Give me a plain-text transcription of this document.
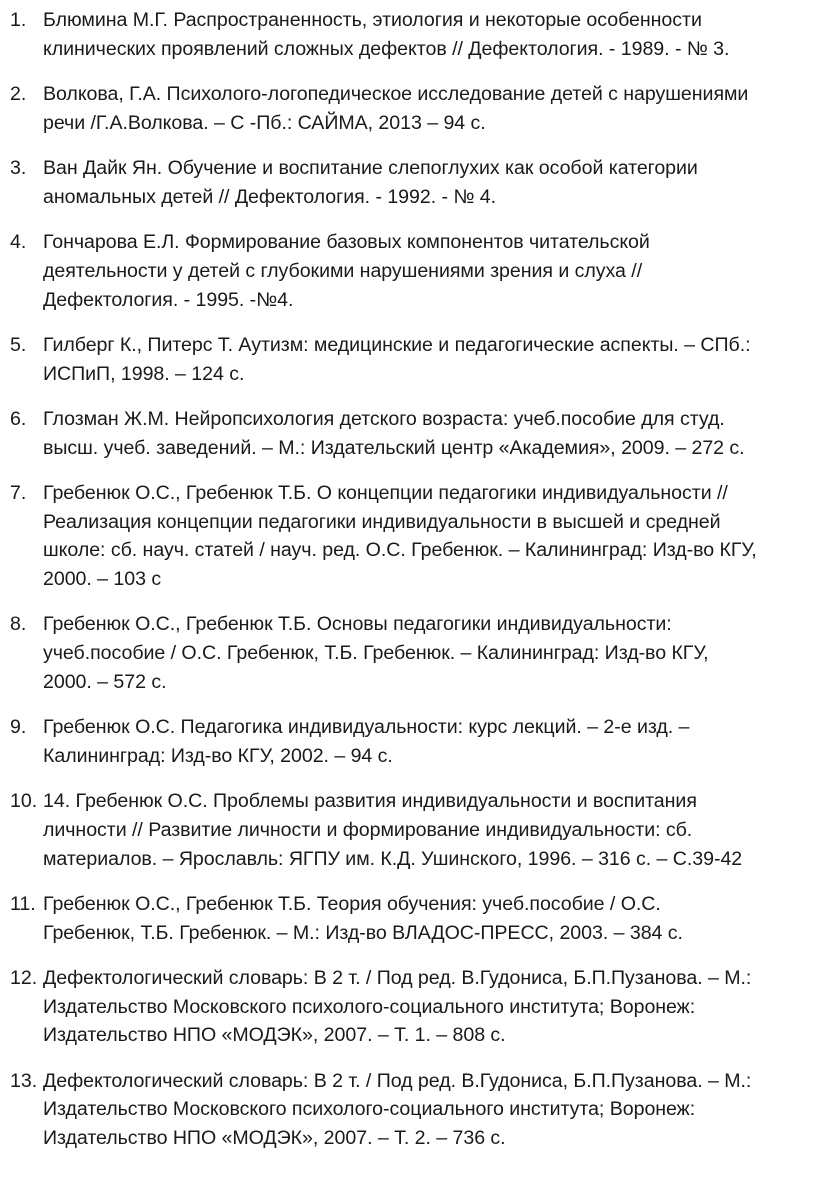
1. Блюмина М.Г. Распространенность, этиология и некоторые особенности
клинических проявлений сложных дефектов // Дефектология. - 1989. - № 3.
2. Волкова, Г.А. Психолого-логопедическое исследование детей с нарушениями
речи /Г.А.Волкова. – С -Пб.: САЙМА, 2013 – 94 с.
3. Ван Дайк Ян. Обучение и воспитание слепоглухих как особой категории
аномальных детей // Дефектология. - 1992. - № 4.
4. Гончарова Е.Л. Формирование базовых компонентов читательской
деятельности у детей с глубокими нарушениями зрения и слуха //
Дефектология. - 1995. -№4.
5. Гилберг К., Питерс Т. Аутизм: медицинские и педагогические аспекты. – СПб.:
ИСПиП, 1998. – 124 с.
6. Глозман Ж.М. Нейропсихология детского возраста: учеб.пособие для студ.
высш. учеб. заведений. – М.: Издательский центр «Академия», 2009. – 272 с.
7. Гребенюк О.С., Гребенюк Т.Б. О концепции педагогики индивидуальности //
Реализация концепции педагогики индивидуальности в высшей и средней
школе: сб. науч. статей / науч. ред. О.С. Гребенюк. – Калининград: Изд-во КГУ,
2000. – 103 с
8. Гребенюк О.С., Гребенюк Т.Б. Основы педагогики индивидуальности:
учеб.пособие / О.С. Гребенюк, Т.Б. Гребенюк. – Калининград: Изд-во КГУ,
2000. – 572 с.
9. Гребенюк О.С. Педагогика индивидуальности: курс лекций. – 2-е изд. –
Калининград: Изд-во КГУ, 2002. – 94 с.
10. 14. Гребенюк О.С. Проблемы развития индивидуальности и воспитания
личности // Развитие личности и формирование индивидуальности: сб.
материалов. – Ярославль: ЯГПУ им. К.Д. Ушинского, 1996. – 316 с. – С.39-42
11. Гребенюк О.С., Гребенюк Т.Б. Теория обучения: учеб.пособие / О.С.
Гребенюк, Т.Б. Гребенюк. – М.: Изд-во ВЛАДОС-ПРЕСС, 2003. – 384 с.
12. Дефектологический словарь: В 2 т. / Под ред. В.Гудониса, Б.П.Пузанова. – М.:
Издательство Московского психолого-социального института; Воронеж:
Издательство НПО «МОДЭК», 2007. – Т. 1. – 808 с.
13. Дефектологический словарь: В 2 т. / Под ред. В.Гудониса, Б.П.Пузанова. – М.:
Издательство Московского психолого-социального института; Воронеж:
Издательство НПО «МОДЭК», 2007. – Т. 2. – 736 с.
